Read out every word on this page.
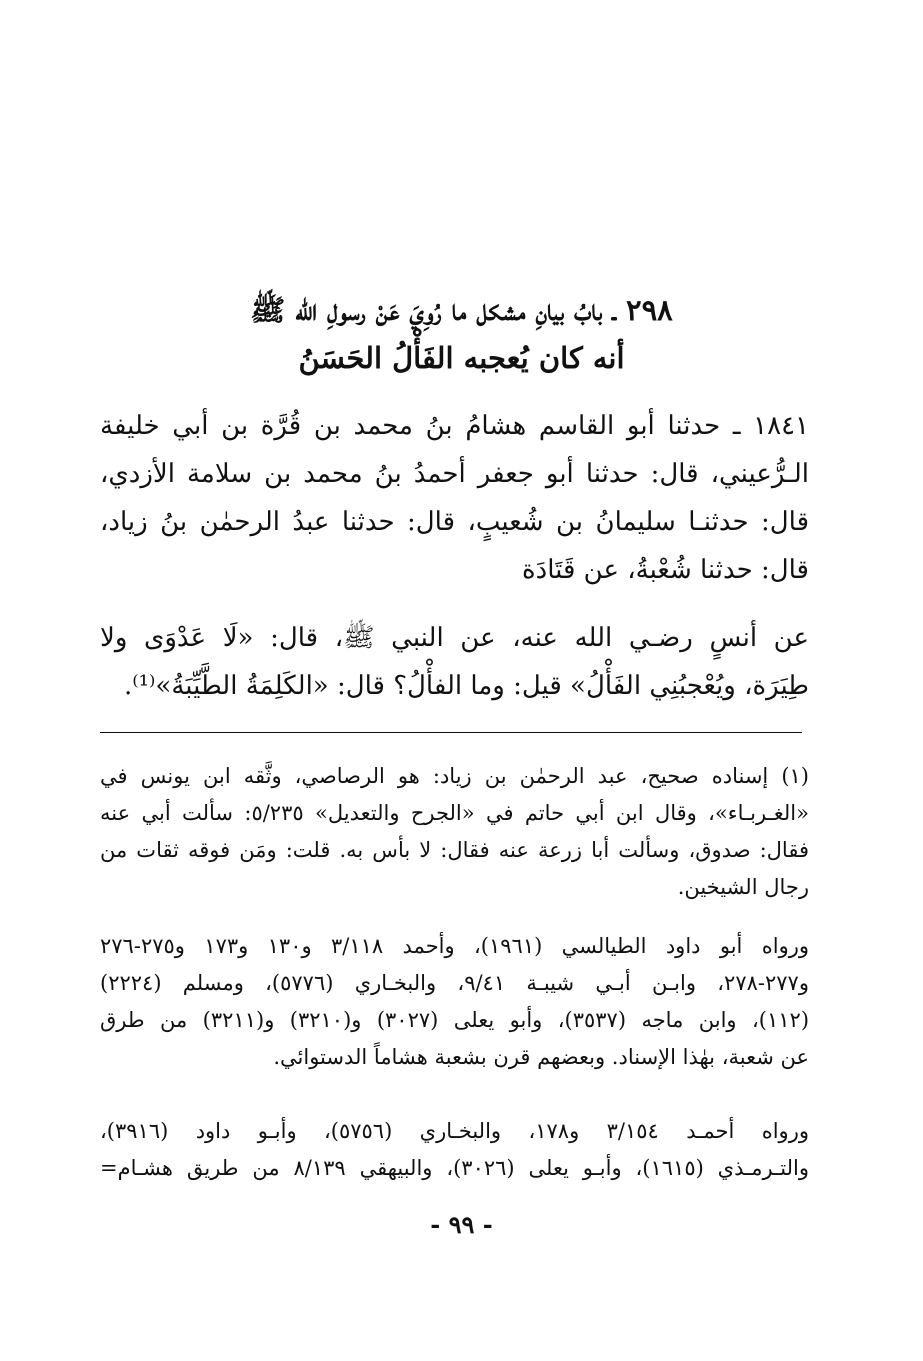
٢٩٨ ـ بابُ بيانِ مشكل ما رُوِيَ عَنْ رسولِ الله ﷺ
أنه كان يُعجبه الفَأْلُ الحَسَنُ
١٨٤١ ـ حدثنا أبو القاسم هشامُ بنُ محمد بن قُرَّة بن أبي خليفة
الـرُّعيني، قال: حدثنا أبو جعفر أحمدُ بنُ محمد بن سلامة الأزدي،
قال: حدثنـا سليمانُ بن شُعيبٍ، قال: حدثنا عبدُ الرحمٰن بنُ زياد،
قال: حدثنا شُعْبةُ، عن قَتَادَة
عن أنسٍ رضـي الله عنه، عن النبي ﷺ، قال: «لَا عَدْوَى ولا
طِيَرَة، ويُعْجبُنِي الفَأْلُ» قيل: وما الفأْلُ؟ قال: «الكَلِمَةُ الطَّيِّبَةُ»⁽¹⁾.
(١) إسناده صحيح، عبد الرحمٰن بن زياد: هو الرصاصي، وثَّقه ابن يونس في
«الغـربـاء»، وقال ابن أبي حاتم في «الجرح والتعديل» ٥/٢٣٥: سألت أبي عنه
فقال: صدوق، وسألت أبا زرعة عنه فقال: لا بأس به. قلت: ومَن فوقه ثقات من
رجال الشيخين.
ورواه أبو داود الطيالسي (١٩٦١)، وأحمد ٣/١١٨ و١٣٠ و١٧٣ و٢٧٥-٢٧٦
و٢٧٧-٢٧٨، وابـن أبـي شيبـة ٩/٤١، والبخـاري (٥٧٧٦)، ومسلم (٢٢٢٤)
(١١٢)، وابن ماجه (٣٥٣٧)، وأبو يعلى (٣٠٢٧) و(٣٢١٠) و(٣٢١١) من طرق
عن شعبة، بهٰذا الإسناد. وبعضهم قرن بشعبة هشاماً الدستوائي.
ورواه أحمـد ٣/١٥٤ و١٧٨، والبخـاري (٥٧٥٦)، وأبـو داود (٣٩١٦)،
والتـرمـذي (١٦١٥)، وأبـو يعلى (٣٠٢٦)، والبيهقي ٨/١٣٩ من طريق هشـام=
- ٩٩ -
